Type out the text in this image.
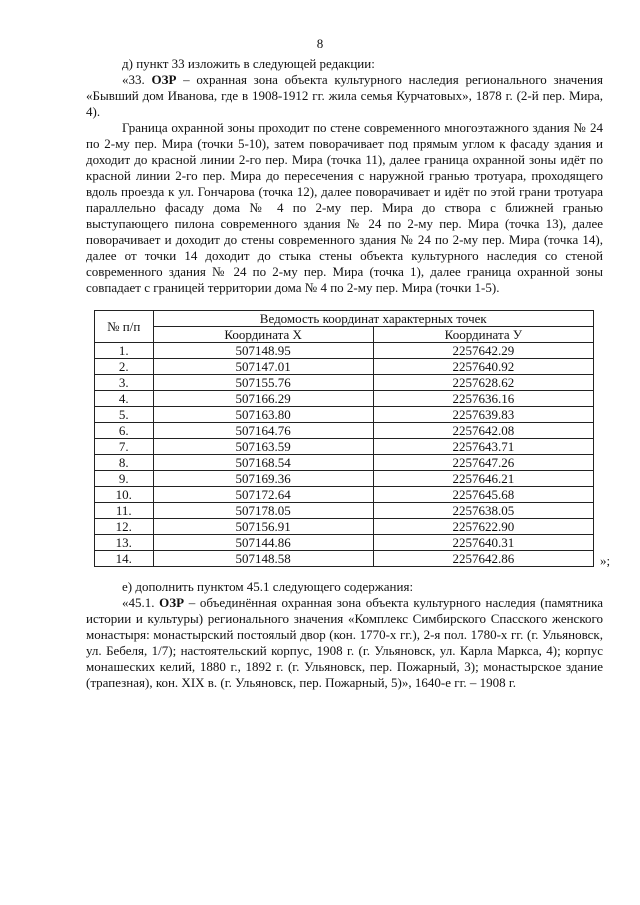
8

д) пункт 33 изложить в следующей редакции:

«33. ОЗР – охранная зона объекта культурного наследия регионального значения «Бывший дом Иванова, где в 1908-1912 гг. жила семья Курчатовых», 1878 г. (2-й пер. Мира, 4).

Граница охранной зоны проходит по стене современного многоэтажного здания № 24 по 2-му пер. Мира (точки 5-10), затем поворачивает под прямым углом к фасаду здания и доходит до красной линии 2-го пер. Мира (точка 11), далее граница охранной зоны идёт по красной линии 2-го пер. Мира до пересечения с наружной гранью тротуара, проходящего вдоль проезда к ул. Гончарова (точка 12), далее поворачивает и идёт по этой грани тротуара параллельно фасаду дома № 4 по 2-му пер. Мира до створа с ближней гранью выступающего пилона современного здания № 24 по 2-му пер. Мира (точка 13), далее поворачивает и доходит до стены современного здания № 24 по 2-му пер. Мира (точка 14), далее от точки 14 доходит до стыка стены объекта культурного наследия со стеной современного здания № 24 по 2-му пер. Мира (точка 1), далее граница охранной зоны совпадает с границей территории дома № 4 по 2-му пер. Мира (точки 1-5).

№ п/п	Ведомость координат характерных точек	
	Координата X	Координата У
1.	507148.95	2257642.29
2.	507147.01	2257640.92
3.	507155.76	2257628.62
4.	507166.29	2257636.16
5.	507163.80	2257639.83
6.	507164.76	2257642.08
7.	507163.59	2257643.71
8.	507168.54	2257647.26
9.	507169.36	2257646.21
10.	507172.64	2257645.68
11.	507178.05	2257638.05
12.	507156.91	2257622.90
13.	507144.86	2257640.31
14.	507148.58	2257642.86	»;

е) дополнить пунктом 45.1 следующего содержания:

«45.1. ОЗР – объединённая охранная зона объекта культурного наследия (памятника истории и культуры) регионального значения «Комплекс Симбирского Спасского женского монастыря: монастырский постоялый двор (кон. 1770-х гг.), 2-я пол. 1780-х гг. (г. Ульяновск, ул. Бебеля, 1/7); настоятельский корпус, 1908 г. (г. Ульяновск, ул. Карла Маркса, 4); корпус монашеских келий, 1880 г., 1892 г. (г. Ульяновск, пер. Пожарный, 3); монастырское здание (трапезная), кон. XIX в. (г. Ульяновск, пер. Пожарный, 5)», 1640-е гг. – 1908 г.
